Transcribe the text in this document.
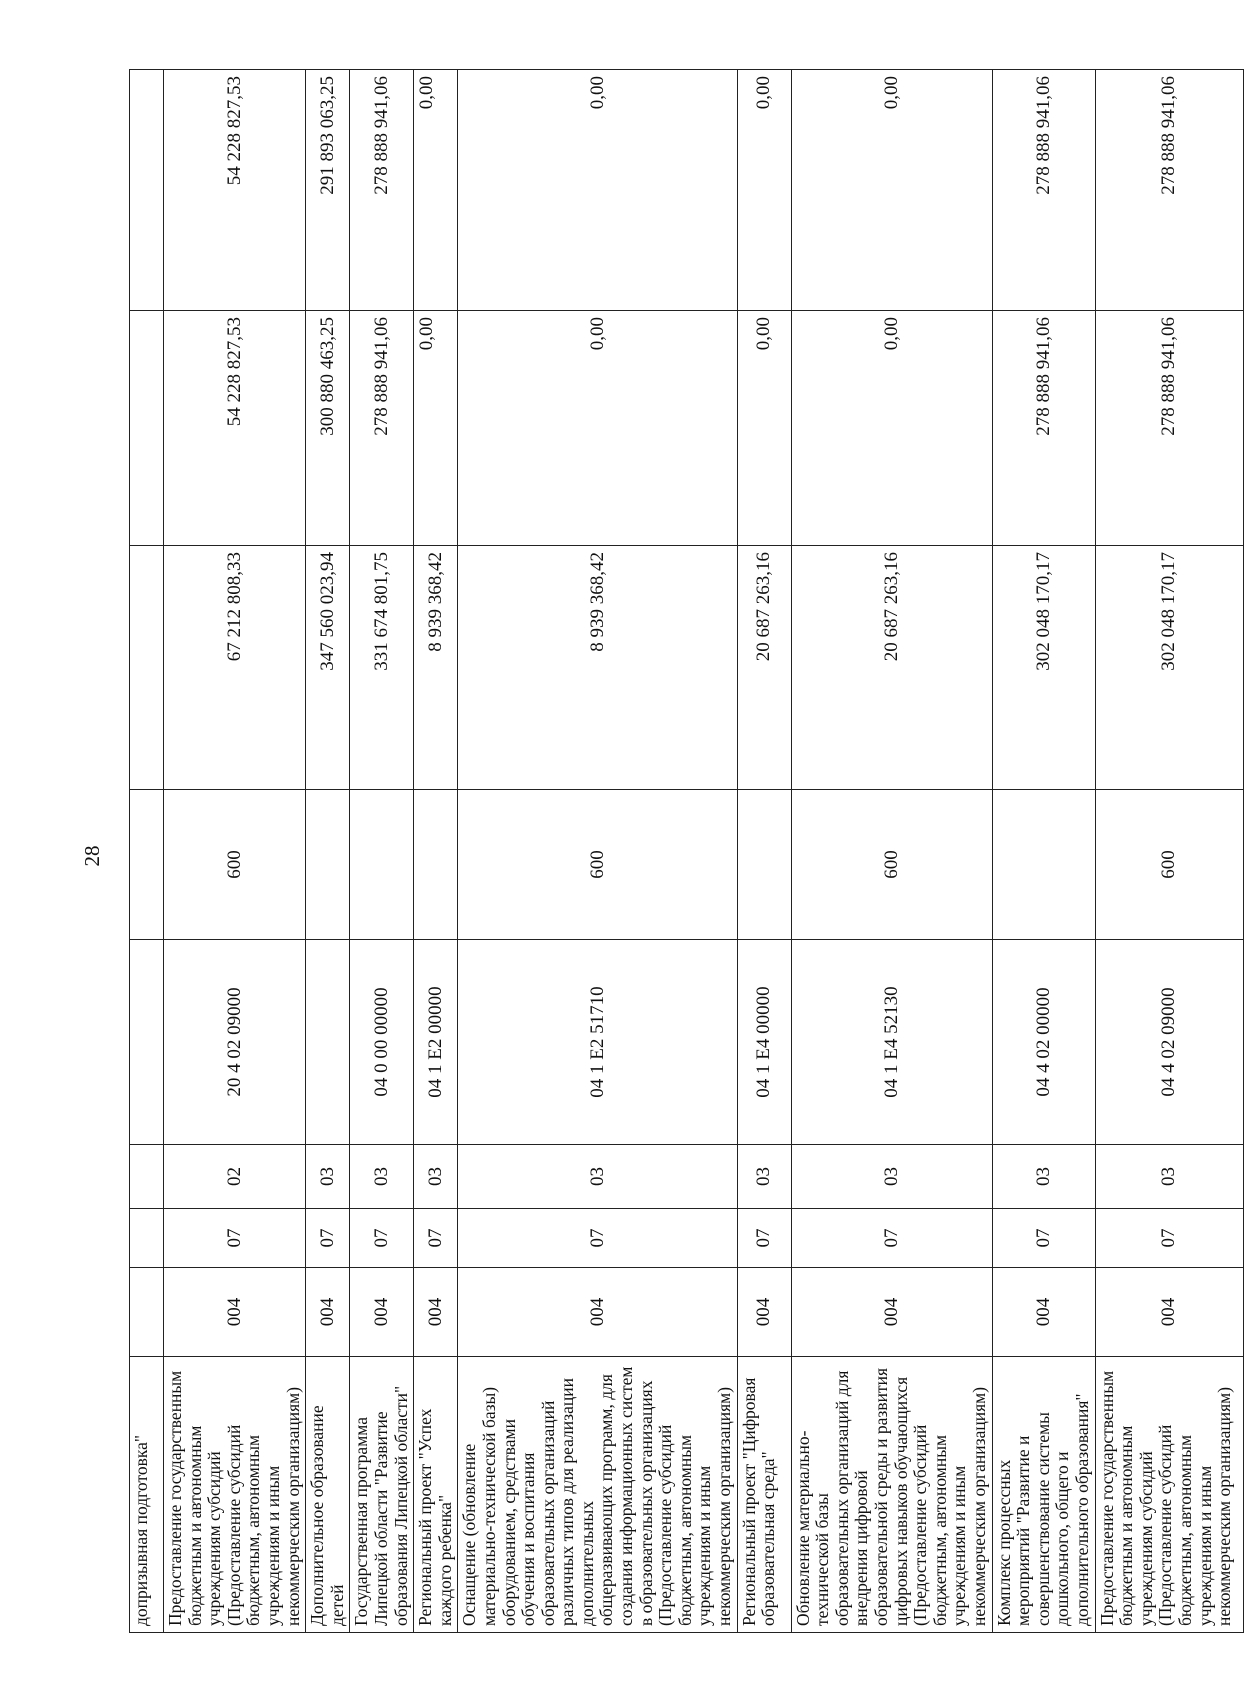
28
допризывная подготовка"								
Предоставление государственным бюджетным и автономным учреждениям субсидий (Предоставление субсидий бюджетным, автономным учреждениям и иным некоммерческим организациям)	004	07	02	20 4 02 09000	600	67 212 808,33	54 228 827,53	54 228 827,53
Дополнительное образование детей	004	07	03			347 560 023,94	300 880 463,25	291 893 063,25
Государственная программа Липецкой области "Развитие образования Липецкой области"	004	07	03	04 0 00 00000		331 674 801,75	278 888 941,06	278 888 941,06
Региональный проект "Успех каждого ребенка"	004	07	03	04 1 E2 00000		8 939 368,42	0,00	0,00
Оснащение (обновление материально-технической базы) оборудованием, средствами обучения и воспитания образовательных организаций различных типов для реализации дополнительных общеразвивающих программ, для создания информационных систем в образовательных организациях (Предоставление субсидий бюджетным, автономным учреждениям и иным некоммерческим организациям)	004	07	03	04 1 E2 51710	600	8 939 368,42	0,00	0,00
Региональный проект "Цифровая образовательная среда"	004	07	03	04 1 E4 00000		20 687 263,16	0,00	0,00
Обновление материально-технической базы образовательных организаций для внедрения цифровой образовательной среды и развития цифровых навыков обучающихся (Предоставление субсидий бюджетным, автономным учреждениям и иным некоммерческим организациям)	004	07	03	04 1 E4 52130	600	20 687 263,16	0,00	0,00
Комплекс процессных мероприятий "Развитие и совершенствование системы дошкольного, общего и дополнительного образования"	004	07	03	04 4 02 00000		302 048 170,17	278 888 941,06	278 888 941,06
Предоставление государственным бюджетным и автономным учреждениям субсидий (Предоставление субсидий бюджетным, автономным учреждениям и иным некоммерческим организациям)	004	07	03	04 4 02 09000	600	302 048 170,17	278 888 941,06	278 888 941,06
